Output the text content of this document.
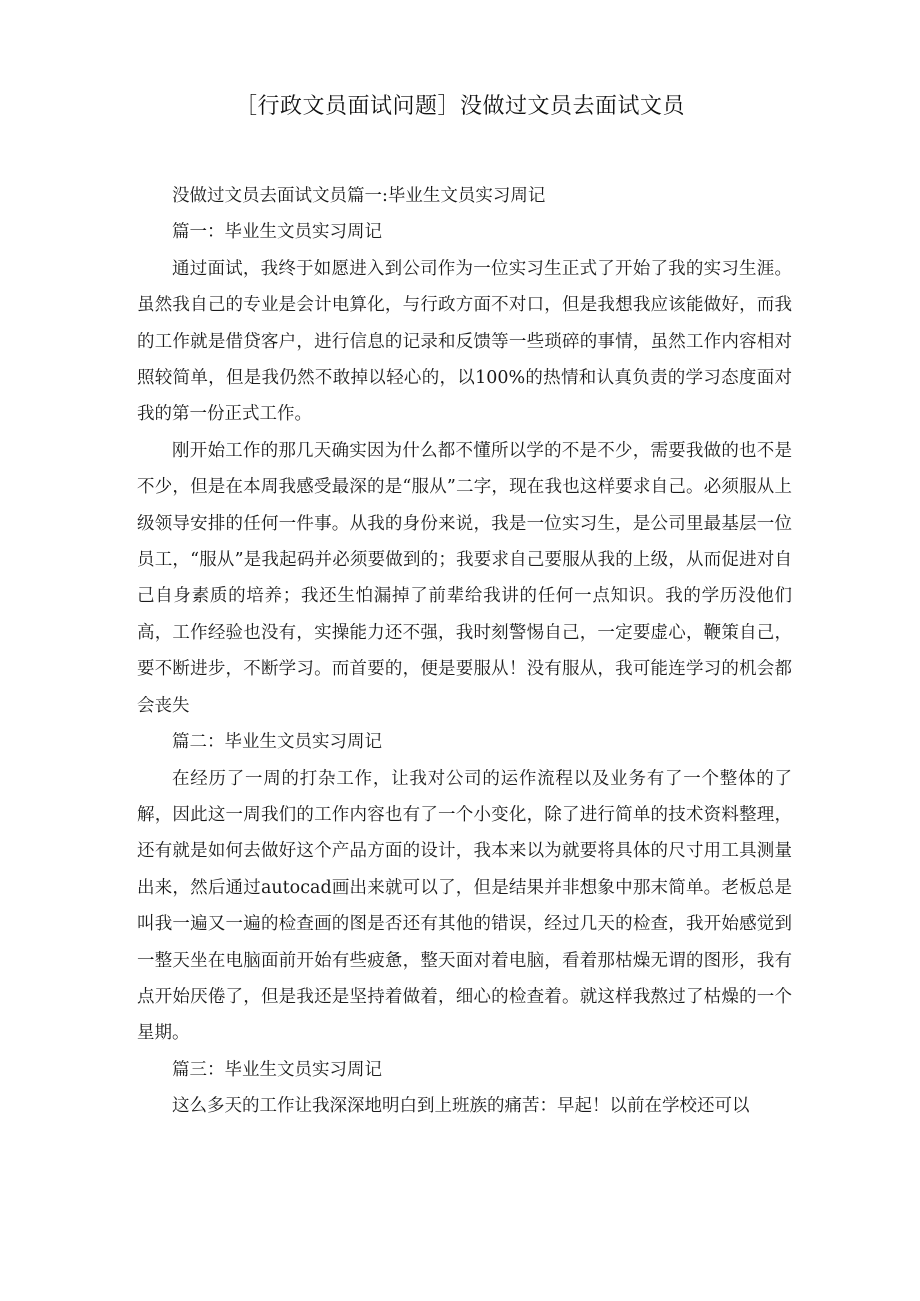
［行政文员面试问题］没做过文员去面试文员

没做过文员去面试文员篇一:毕业生文员实习周记

篇一：毕业生文员实习周记

通过面试，我终于如愿进入到公司作为一位实习生正式了开始了我的实习生涯。虽然我自己的专业是会计电算化，与行政方面不对口，但是我想我应该能做好，而我的工作就是借贷客户，进行信息的记录和反馈等一些琐碎的事情，虽然工作内容相对照较简单，但是我仍然不敢掉以轻心的，以100%的热情和认真负责的学习态度面对我的第一份正式工作。

刚开始工作的那几天确实因为什么都不懂所以学的不是不少，需要我做的也不是不少，但是在本周我感受最深的是“服从”二字，现在我也这样要求自己。必须服从上级领导安排的任何一件事。从我的身份来说，我是一位实习生，是公司里最基层一位员工，“服从”是我起码并必须要做到的；我要求自己要服从我的上级，从而促进对自己自身素质的培养；我还生怕漏掉了前辈给我讲的任何一点知识。我的学历没他们高，工作经验也没有，实操能力还不强，我时刻警惕自己，一定要虚心，鞭策自己，要不断进步，不断学习。而首要的，便是要服从！没有服从，我可能连学习的机会都会丧失

篇二：毕业生文员实习周记

在经历了一周的打杂工作，让我对公司的运作流程以及业务有了一个整体的了解，因此这一周我们的工作内容也有了一个小变化，除了进行简单的技术资料整理，还有就是如何去做好这个产品方面的设计，我本来以为就要将具体的尺寸用工具测量出来，然后通过autocad画出来就可以了，但是结果并非想象中那末简单。老板总是叫我一遍又一遍的检查画的图是否还有其他的错误，经过几天的检查，我开始感觉到一整天坐在电脑面前开始有些疲惫，整天面对着电脑，看着那枯燥无谓的图形，我有点开始厌倦了，但是我还是坚持着做着，细心的检查着。就这样我熬过了枯燥的一个星期。

篇三：毕业生文员实习周记

这么多天的工作让我深深地明白到上班族的痛苦：早起！以前在学校还可以
